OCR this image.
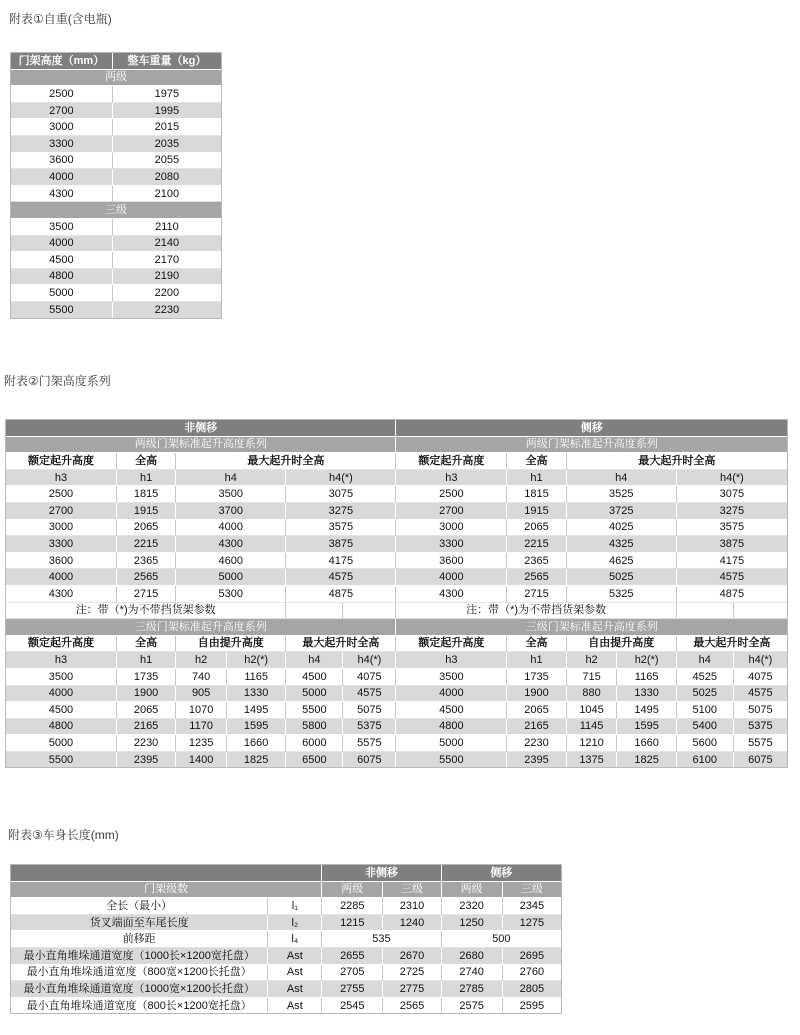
附表①自重(含电瓶)
门架高度（mm）	整车重量（kg）
两级	
2500	1975
2700	1995
3000	2015
3300	2035
3600	2055
4000	2080
4300	2100
三级	
3500	2110
4000	2140
4500	2170
4800	2190
5000	2200
5500	2230
附表②门架高度系列
非侧移						侧移					
两级门架标准起升高度系列						两级门架标准起升高度系列					
额定起升高度	全高	最大起升时全高				额定起升高度	全高	最大起升时全高			
h3	h1	h4		h4(*)		h3	h1	h4		h4(*)	
2500	1815	3500		3075		2500	1815	3525		3075	
2700	1915	3700		3275		2700	1915	3725		3275	
3000	2065	4000		3575		3000	2065	4025		3575	
3300	2215	4300		3875		3300	2215	4325		3875	
3600	2365	4600		4175		3600	2365	4625		4175	
4000	2565	5000		4575		4000	2565	5025		4575	
4300	2715	5300		4875		4300	2715	5325		4875	
注：带（*)为不带挡货架参数						注：带（*)为不带挡货架参数					
三级门架标准起升高度系列						三级门架标准起升高度系列					
额定起升高度	全高	自由提升高度		最大起升时全高		额定起升高度	全高	自由提升高度		最大起升时全高	
h3	h1	h2	h2(*)	h4	h4(*)	h3	h1	h2	h2(*)	h4	h4(*)
3500	1735	740	1165	4500	4075	3500	1735	715	1165	4525	4075
4000	1900	905	1330	5000	4575	4000	1900	880	1330	5025	4575
4500	2065	1070	1495	5500	5075	4500	2065	1045	1495	5100	5075
4800	2165	1170	1595	5800	5375	4800	2165	1145	1595	5400	5375
5000	2230	1235	1660	6000	5575	5000	2230	1210	1660	5600	5575
5500	2395	1400	1825	6500	6075	5500	2395	1375	1825	6100	6075
附表③车身长度(mm)
		非侧移		侧移	
门架级数		两级	三级	两级	三级
全长（最小）	l₁	2285	2310	2320	2345
货叉端面至车尾长度	l₂	1215	1240	1250	1275
前移距	l₄	535		500	
最小直角堆垛通道宽度（1000长×1200宽托盘）	Ast	2655	2670	2680	2695
最小直角堆垛通道宽度（800宽×1200长托盘）	Ast	2705	2725	2740	2760
最小直角堆垛通道宽度（1000宽×1200长托盘）	Ast	2755	2775	2785	2805
最小直角堆垛通道宽度（800长×1200宽托盘）	Ast	2545	2565	2575	2595
